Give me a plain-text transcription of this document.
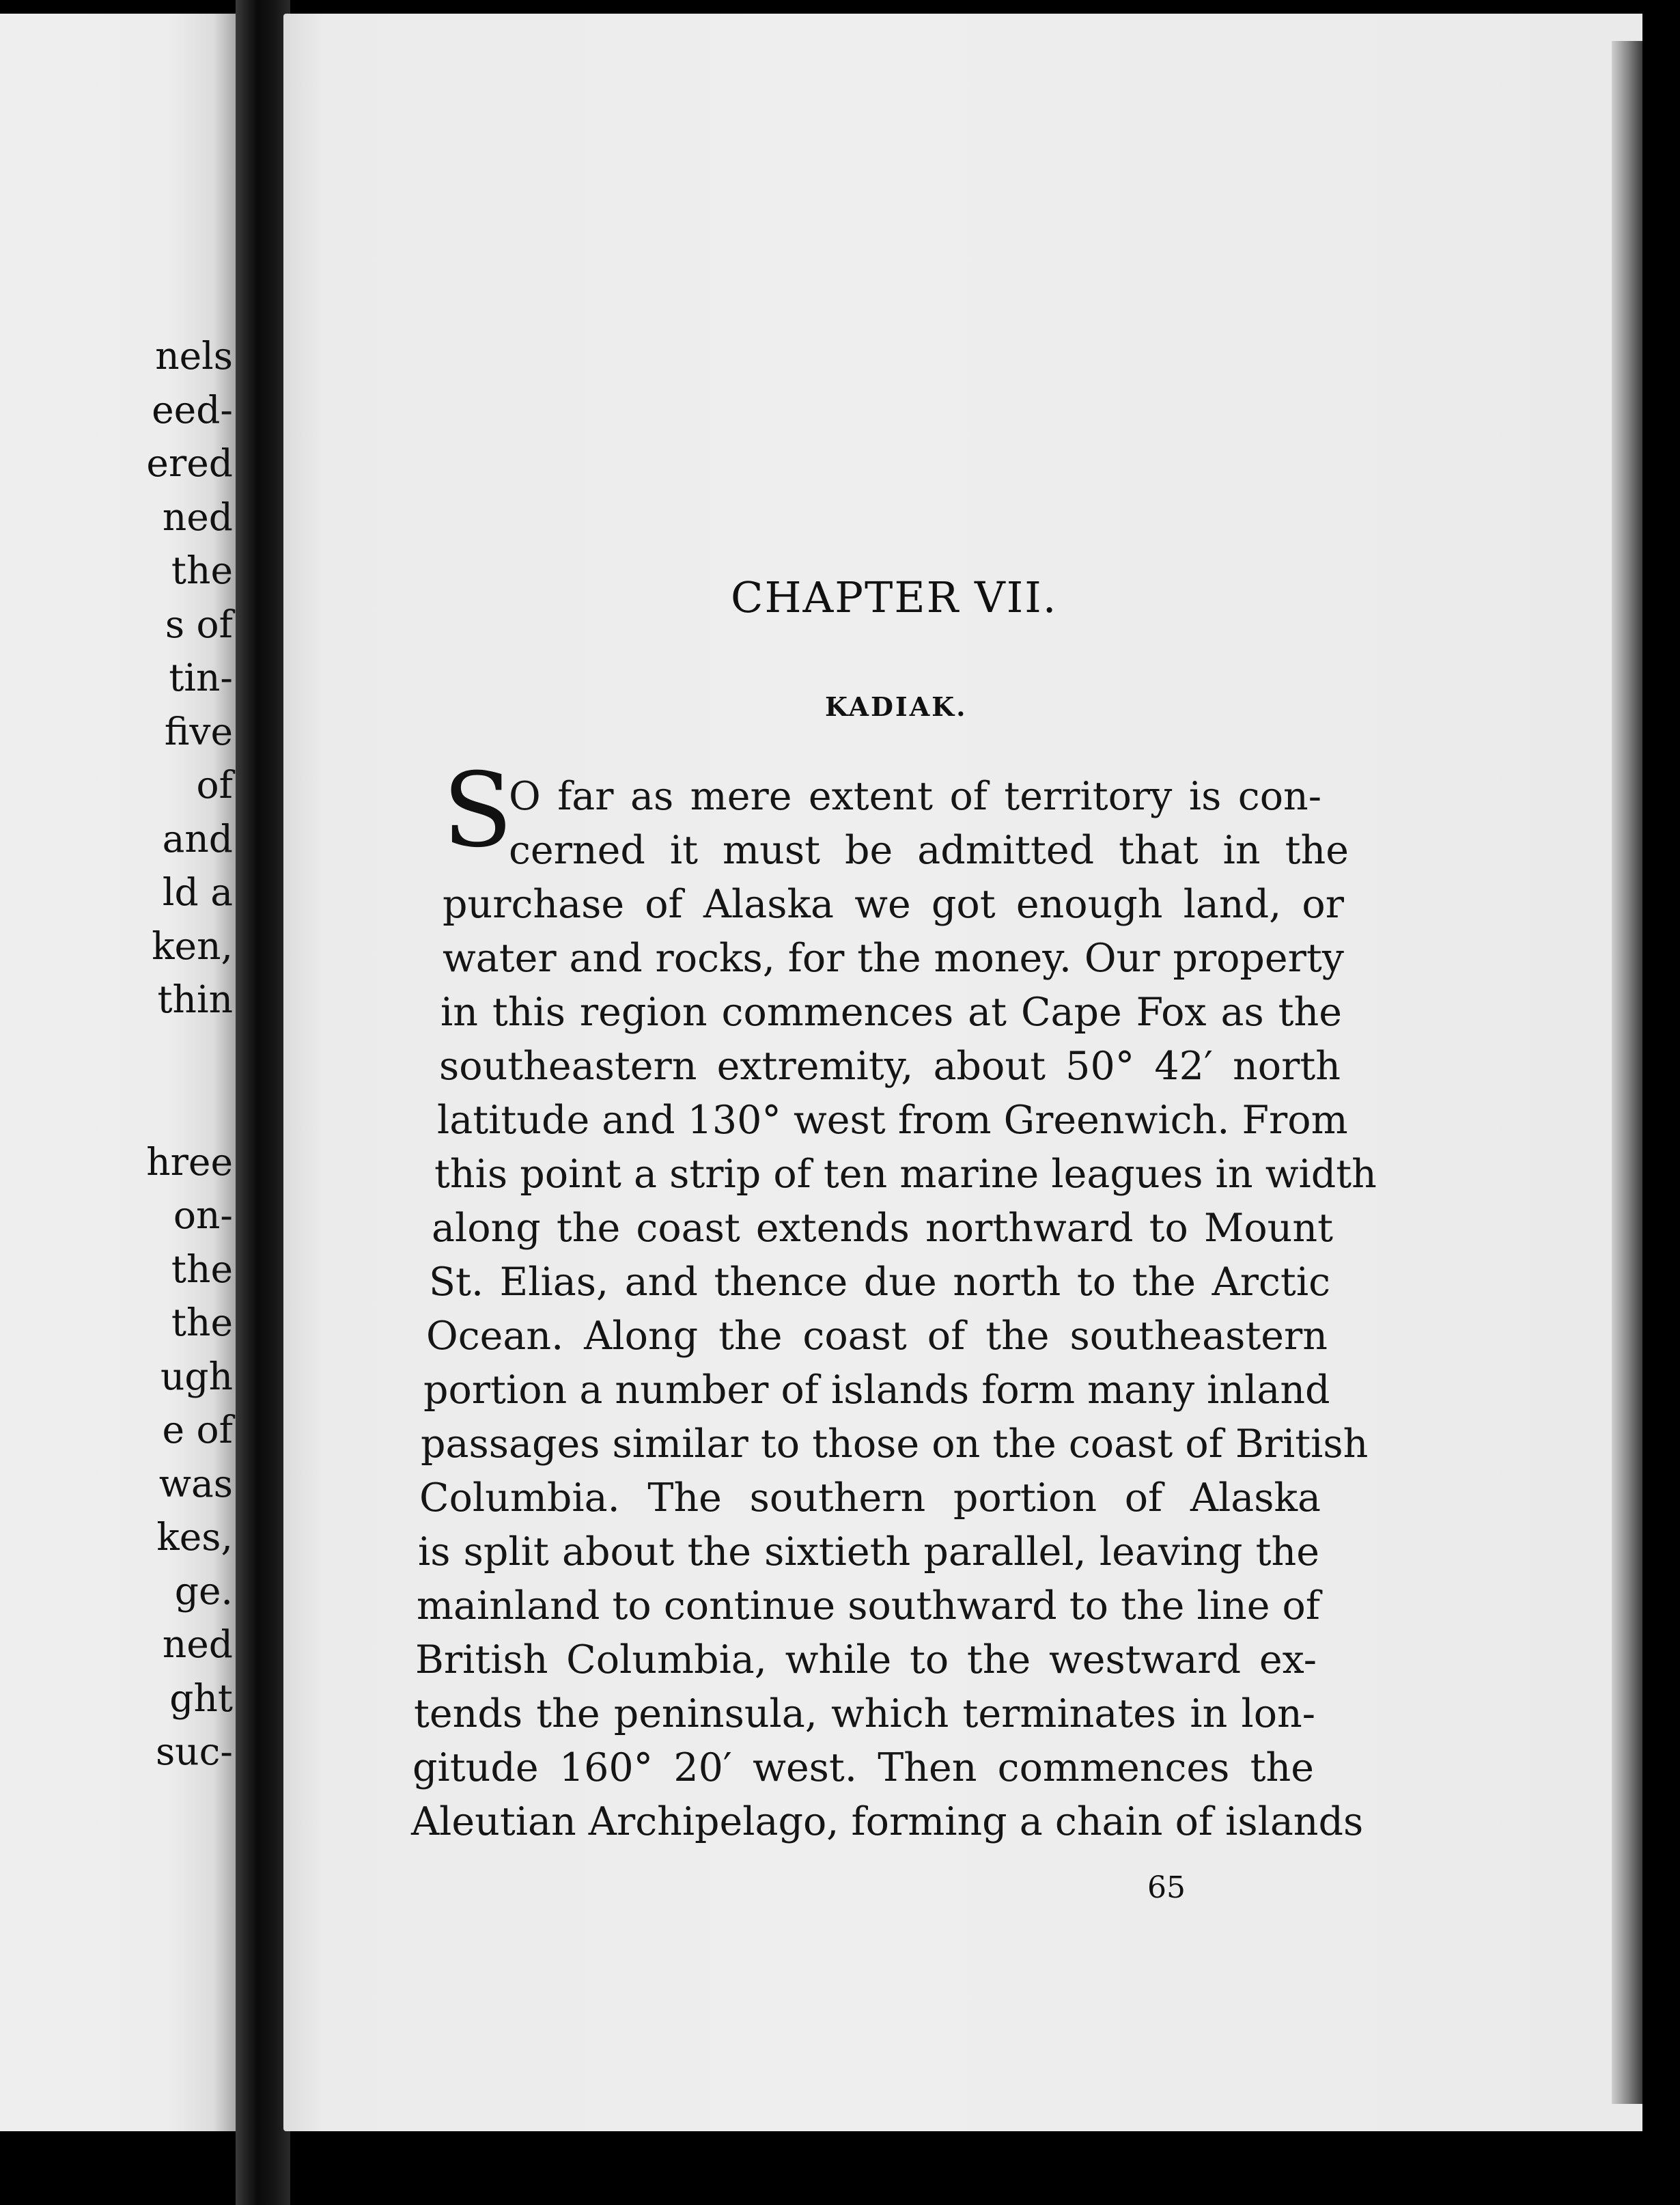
nels
eed-
ered
ned
the
s of
tin-
five
of
and
ld a
ken,
thin
hree
on-
the
the
ugh
e of
was
kes,
ge.
ned
ght
suc-
CHAPTER VII.
KADIAK.
S
O far as mere extent of territory is con-
cerned it must be admitted that in the
purchase of Alaska we got enough land, or
water and rocks, for the money. Our property
in this region commences at Cape Fox as the
southeastern extremity, about 50° 42′ north
latitude and 130° west from Greenwich. From
this point a strip of ten marine leagues in width
along the coast extends northward to Mount
St. Elias, and thence due north to the Arctic
Ocean. Along the coast of the southeastern
portion a number of islands form many inland
passages similar to those on the coast of British
Columbia. The southern portion of Alaska
is split about the sixtieth parallel, leaving the
mainland to continue southward to the line of
British Columbia, while to the westward ex-
tends the peninsula, which terminates in lon-
gitude 160° 20′ west. Then commences the
Aleutian Archipelago, forming a chain of islands
65
